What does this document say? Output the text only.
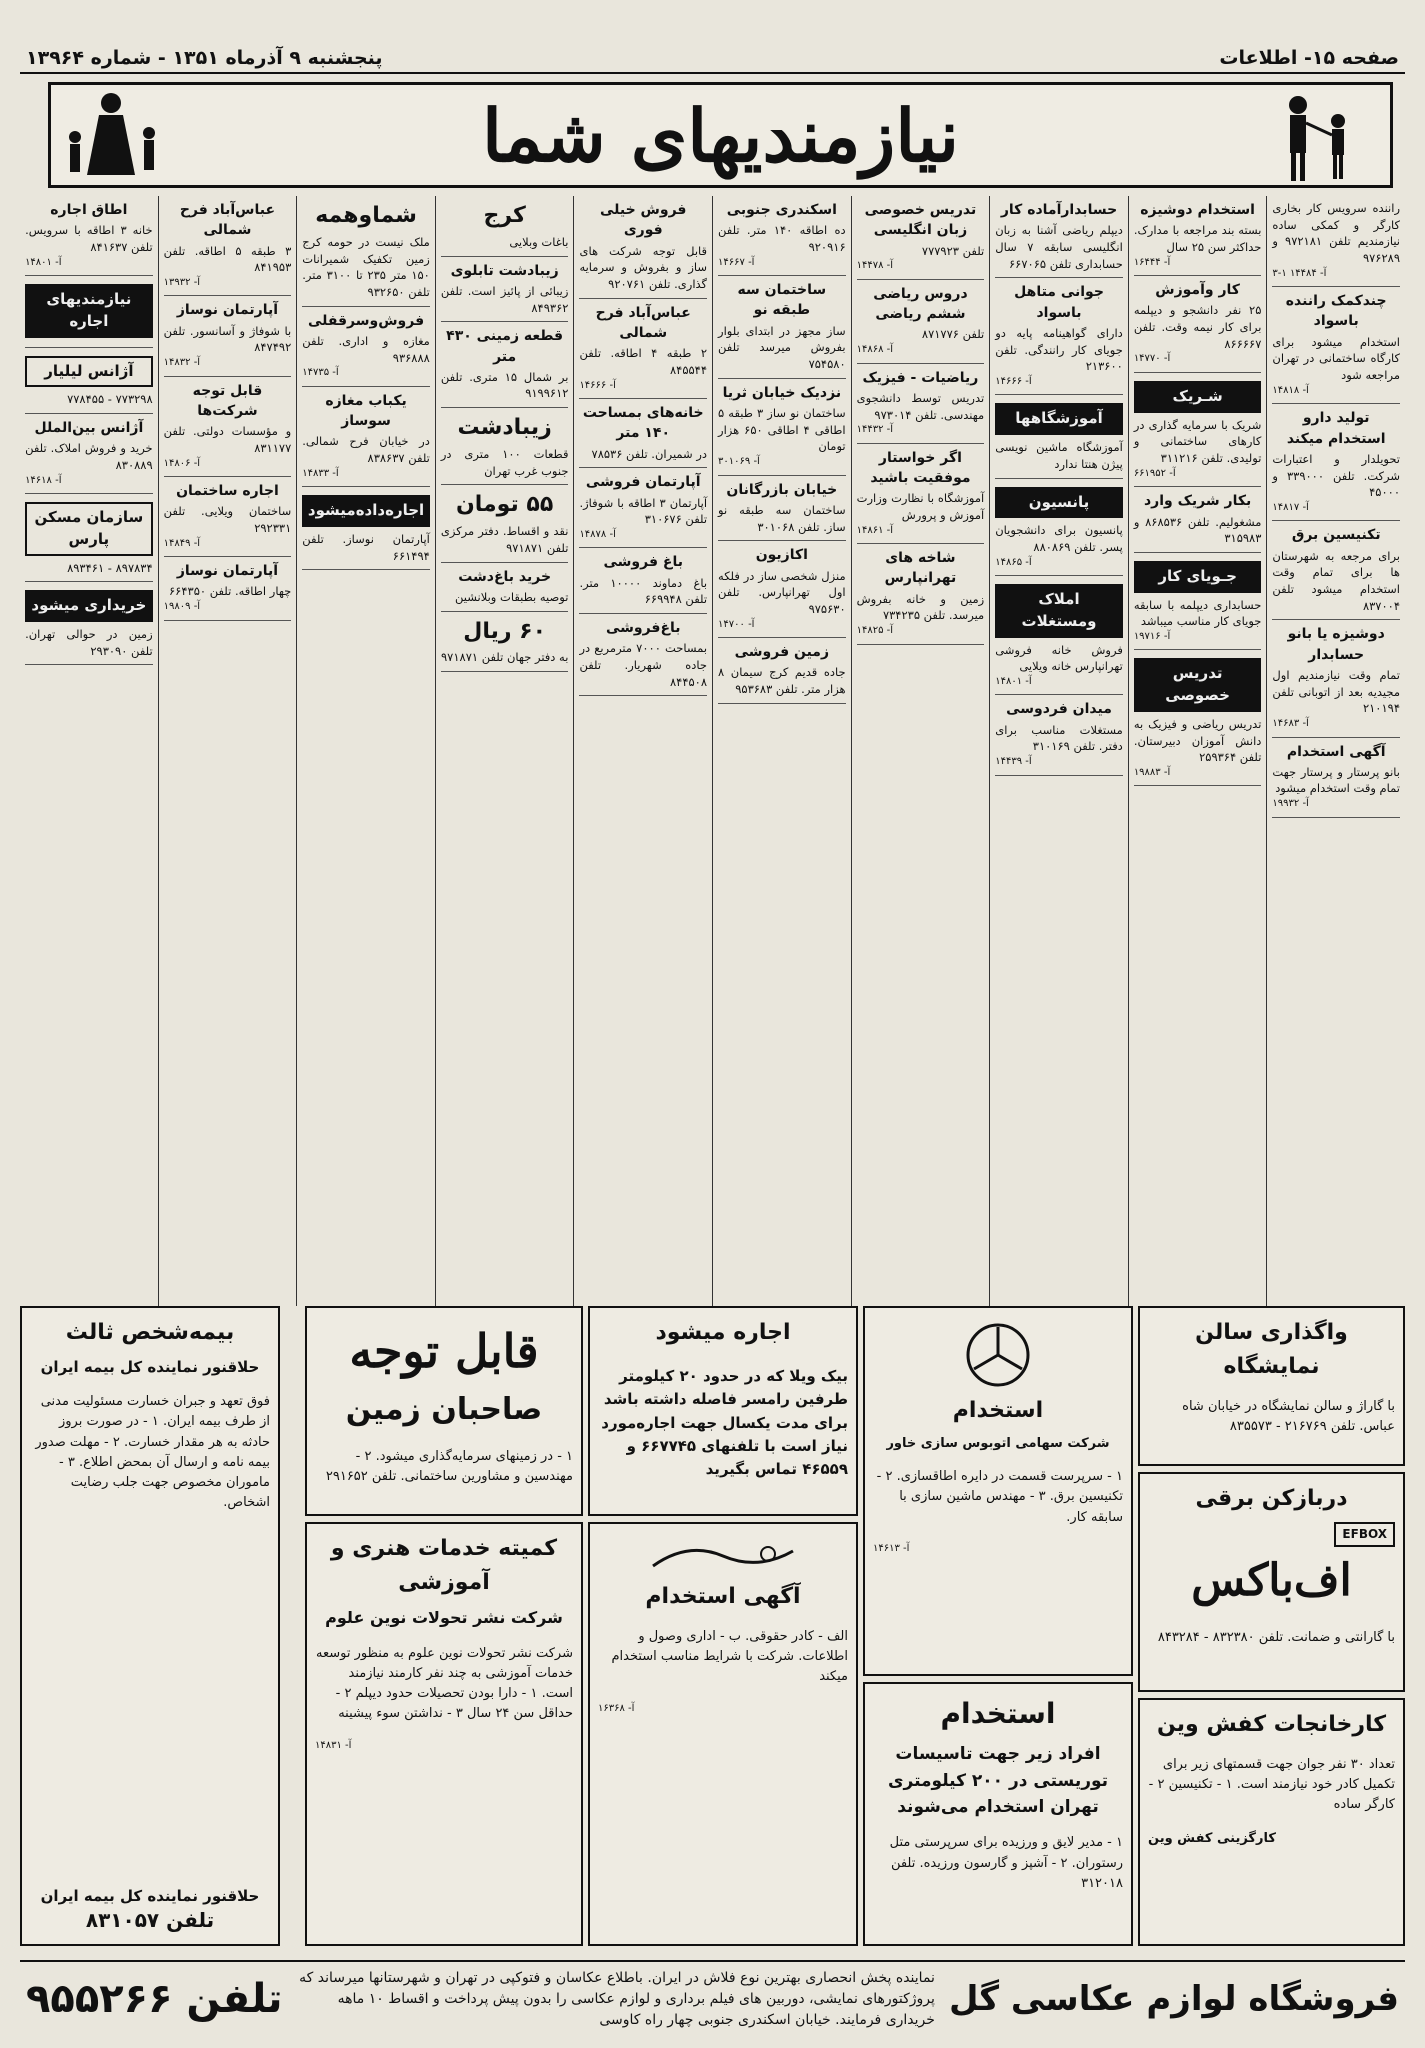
صفحه ۱۵- اطلاعات
پنجشنبه ۹ آذرماه ۱۳۵۱ - شماره ۱۳۹۶۴
نیازمندیهای شما
راننده سرویس کار بخاری کارگر و کمکی ساده نیازمندیم تلفن ۹۷۲۱۸۱ و ۹۷۶۲۸۹
۳-۱ آ- ۱۴۴۸۴
چندکمک راننده باسواد
استخدام میشود برای کارگاه ساختمانی در تهران مراجعه شود
آ- ۱۴۸۱۸
تولید دارو استخدام میکند
تحویلدار و اعتبارات شرکت. تلفن ۳۳۹۰۰۰ و ۴۵۰۰۰
آ- ۱۴۸۱۷
تکنیسین برق
برای مرجعه به شهرستان ها برای تمام وقت استخدام میشود تلفن ۸۳۷۰۰۴
دوشیزه‌ یا بانو حسابدار
تمام وقت نیازمندیم اول مجیدیه بعد از اتوبانی تلفن ۲۱۰۱۹۴
آ- ۱۴۶۸۳
آگهی استخدام
بانو پرستار و پرستار جهت تمام وقت استخدام میشود
آ- ۱۹۹۳۲
استخدام دوشیزه
بسته بند مراجعه با مدارک. حداکثر سن ۲۵ سال
آ- ۱۶۴۴۴
کار وآموزش
۲۵ نفر دانشجو و دیپلمه برای کار نیمه وقت. تلفن ۸۶۶۶۶۷
آ- ۱۴۷۷۰
شـریک
شریک با سرمایه گذاری در کارهای ساختمانی و تولیدی. تلفن ۳۱۱۲۱۶
آ- ۶۶۱۹۵۲
بکار شریک وارد
مشغولیم. تلفن ۸۶۸۵۳۶ و ۳۱۵۹۸۳
جـویای کار
حسابداری دیپلمه با سابقه جویای کار مناسب میباشد
آ- ۱۹۷۱۶
تدریس خصوصی
تدریس ریاضی و فیزیک به دانش آموزان دبیرستان. تلفن ۲۵۹۳۶۴
آ- ۱۹۸۸۳
حسابدارآماده کار
دیپلم ریاضی آشنا به زبان انگلیسی سابقه ۷ سال حسابداری تلفن ۶۶۷۰۶۵
جوانی متاهل باسواد
دارای گواهینامه پایه دو جویای کار رانندگی. تلفن ۲۱۳۶۰۰
آ- ۱۴۶۶۶
آموزشگاهها
آموزشگاه ماشین نویسی پیژن هنتا ندارد
پانسیون
پانسیون برای دانشجویان پسر. تلفن ۸۸۰۸۶۹
آ- ۱۴۸۶۵
املاک ومستغلات
فروش خانه فروشی تهرانپارس خانه ویلایی
آ- ۱۴۸۰۱
میدان فردوسی
مستغلات مناسب برای دفتر. تلفن ۳۱۰۱۶۹
آ- ۱۴۴۳۹
تدریس خصوصی زبان انگلیسی
تلفن ۷۷۷۹۲۳
آ- ۱۴۴۷۸
دروس ریاضی ششم ریاضی
تلفن ۸۷۱۷۷۶
آ- ۱۴۸۶۸
ریاضیات - فیزیک
تدریس توسط دانشجوی مهندسی. تلفن ۹۷۳۰۱۴
آ- ۱۴۴۳۲
اگر خواستار موفقیت باشید
آموزشگاه با نظارت وزارت آموزش و پرورش
آ- ۱۴۸۶۱
شاخه های تهرانپارس
زمین و خانه بفروش میرسد. تلفن ۷۳۴۲۳۵
آ- ۱۴۸۲۵
اسکندری جنوبی
ده اطاقه ۱۴۰ متر. تلفن ۹۲۰۹۱۶
آ- ۱۴۶۶۷
ساختمان سه طبقه نو
ساز مجهز در ابتدای بلوار بفروش میرسد تلفن ۷۵۴۵۸۰
نزدیک خیابان ثریا
ساختمان نو ساز ۳ طبقه ۵ اطاقی ۴ اطاقی ۶۵۰ هزار تومان
آ- ۳۰۱۰۶۹
خیابان بازرگانان
ساختمان سه طبقه نو ساز. تلفن ۳۰۱۰۶۸
اکازیون
منزل شخصی ساز در فلکه اول تهرانپارس. تلفن ۹۷۵۶۳۰
آ- ۱۴۷۰۰
زمین فروشی
جاده قدیم کرج سیمان ۸ هزار متر. تلفن ۹۵۳۶۸۳
فروش خیلی فوری
قابل توجه شرکت های ساز و بفروش و سرمایه گذاری. تلفن ۹۲۰۷۶۱
عباس‌آباد فرح شمالی
۲ طبقه ۴ اطاقه. تلفن ۸۴۵۵۴۴
آ- ۱۴۶۶۶
خانه‌های بمساحت ۱۴۰ متر
در شمیران. تلفن ۷۸۵۳۶
آپارتمان فروشی
آپارتمان ۳ اطاقه با شوفاژ. تلفن ۳۱۰۶۷۶
آ- ۱۴۸۷۸
باغ فروشی
باغ دماوند ۱۰۰۰۰ متر. تلفن ۶۶۹۹۴۸
باغ‌فروشی
بمساحت ۷۰۰۰ مترمربع در جاده شهریار. تلفن ۸۴۴۵۰۸
کرج
باغات وبلایی
زیبادشت تابلوی
زیبائی از پائیز است. تلفن ۸۴۹۳۶۲
قطعه زمینی ۴۳۰ متر
بر شمال ۱۵ متری. تلفن ۹۱۹۹۶۱۲
زیبادشت
قطعات ۱۰۰ متری در جنوب غرب تهران
۵۵ تومان
نقد و اقساط. دفتر مرکزی تلفن ۹۷۱۸۷۱
خرید باغ‌دشت
توصیه بطبقات وبلانشین
۶۰ ریال
به دفتر جهان تلفن ۹۷۱۸۷۱
شماوهمه
ملک نیست در حومه کرج زمین تکفیک شمیرانات ۱۵۰ متر ۲۳۵ تا ۳۱۰۰ متر. تلفن ۹۳۲۶۵۰
فروش‌وسرقفلی
مغازه و اداری. تلفن ۹۳۶۸۸۸
آ- ۱۴۷۳۵
یکباب مغازه سوساز
در خیابان فرح شمالی. تلفن ۸۳۸۶۳۷
آ- ۱۴۸۳۳
اجاره‌داده‌میشود
آپارتمان نوساز. تلفن ۶۶۱۴۹۴
عباس‌آباد فرح شمالی
۳ طبقه ۵ اطاقه. تلفن ۸۴۱۹۵۳
آ- ۱۳۹۳۲
آپارتمان نوساز
با شوفاژ و آسانسور. تلفن ۸۴۷۴۹۲
آ- ۱۴۸۳۲
قابل توجه شرکت‌ها
و مؤسسات دولتی. تلفن ۸۳۱۱۷۷
آ- ۱۴۸۰۶
اجاره ساختمان
ساختمان ویلایی. تلفن ۲۹۲۳۳۱
آ- ۱۴۸۴۹
آپارتمان نوساز
چهار اطاقه. تلفن ۶۶۴۳۵۰
آ- ۱۹۸۰۹
اطاق اجاره
خانه ۳ اطاقه با سرویس. تلفن ۸۴۱۶۳۷
آ- ۱۴۸۰۱
نیازمندیهای اجاره
آژانس لیلیار
۷۷۳۲۹۸ - ۷۷۸۴۵۵
آژانس بین‌الملل
خرید و فروش املاک. تلفن ۸۳۰۸۸۹
آ- ۱۴۶۱۸
سازمان مسکن پارس
۸۹۷۸۳۴ - ۸۹۳۴۶۱
خریداری میشود
زمین در حوالی تهران. تلفن ۲۹۳۰۹۰
بیمه‌شخص ثالث
حلاقنور نماینده کل بیمه ایران

فوق تعهد و جبران خسارت مسئولیت مدنی از طرف بیمه ایران. ۱ - در صورت بروز حادثه به هر مقدار خسارت. ۲ - مهلت صدور بیمه نامه و ارسال آن بمحض اطلاع. ۳ - ماموران مخصوص جهت جلب رضایت اشخاص.

حلاقنور نماینده کل بیمه ایران
تلفن ۸۳۱۰۵۷
قابل توجه
صاحبان زمین

۱ - در زمینهای سرمایه‌گذاری میشود. ۲ - مهندسین و مشاورین ساختمانی. تلفن ۲۹۱۶۵۲

کمیته خدمات هنری و آموزشی
شرکت نشر تحولات نوین علوم

شرکت نشر تحولات نوین علوم به منظور توسعه خدمات آموزشی به چند نفر کارمند نیازمند است. ۱ - دارا بودن تحصیلات حدود دیپلم ۲ - حداقل سن ۲۴ سال ۳ - نداشتن سوء پیشینه

آ- ۱۴۸۳۱
اجاره میشود

بیک ویلا که در حدود ۲۰ کیلومتر طرفین رامسر فاصله داشته باشد برای مدت یکسال جهت اجاره‌مورد نیاز است با تلفنهای ۶۶۷۷۴۵ و ۴۶۵۵۹ تماس بگیرید

آگهی استخدام

الف - کادر حقوقی. ب - اداری وصول و اطلاعات. شرکت با شرایط مناسب استخدام میکند

آ- ۱۶۳۶۸
استخدام
شرکت سهامی اتوبوس سازی خاور

۱ - سرپرست قسمت در دایره اطاقسازی. ۲ - تکنیسین برق. ۳ - مهندس ماشین سازی با سابقه کار.

آ- ۱۴۶۱۳
استخدام
افراد زیر جهت تاسیسات توریستی در ۲۰۰ کیلومتری تهران استخدام می‌شوند

۱ - مدیر لایق و ورزیده برای سرپرستی متل رستوران. ۲ - آشپز و گارسون ورزیده. تلفن ۳۱۲۰۱۸

واگذاری سالن نمایشگاه

با گاراژ و سالن نمایشگاه در خیابان شاه عباس. تلفن ۲۱۶۷۶۹ - ۸۳۵۵۷۳

دربازکن برقی
EFBOX
اف‌باکس

با گارانتی و ضمانت. تلفن ۸۳۲۳۸۰ - ۸۴۳۲۸۴

کارخانجات کفش وین

تعداد ۳۰ نفر جوان جهت قسمتهای زیر برای تکمیل کادر خود نیازمند است. ۱ - تکنیسین ۲ - کارگر ساده

کارگزینی کفش وین
فروشگاه لوازم عکاسی گل
نماینده پخش انحصاری بهترین نوع فلاش در ایران. باطلاع عکاسان و فتوکپی در تهران و شهرستانها میرساند که پروژکتورهای نمایشی، دوربین های فیلم برداری و لوازم عکاسی را بدون پیش پرداخت و اقساط ۱۰ ماهه خریداری فرمایند. خیابان اسکندری جنوبی چهار راه کاوسی
تلفن ۹۵۵۲۶۶
